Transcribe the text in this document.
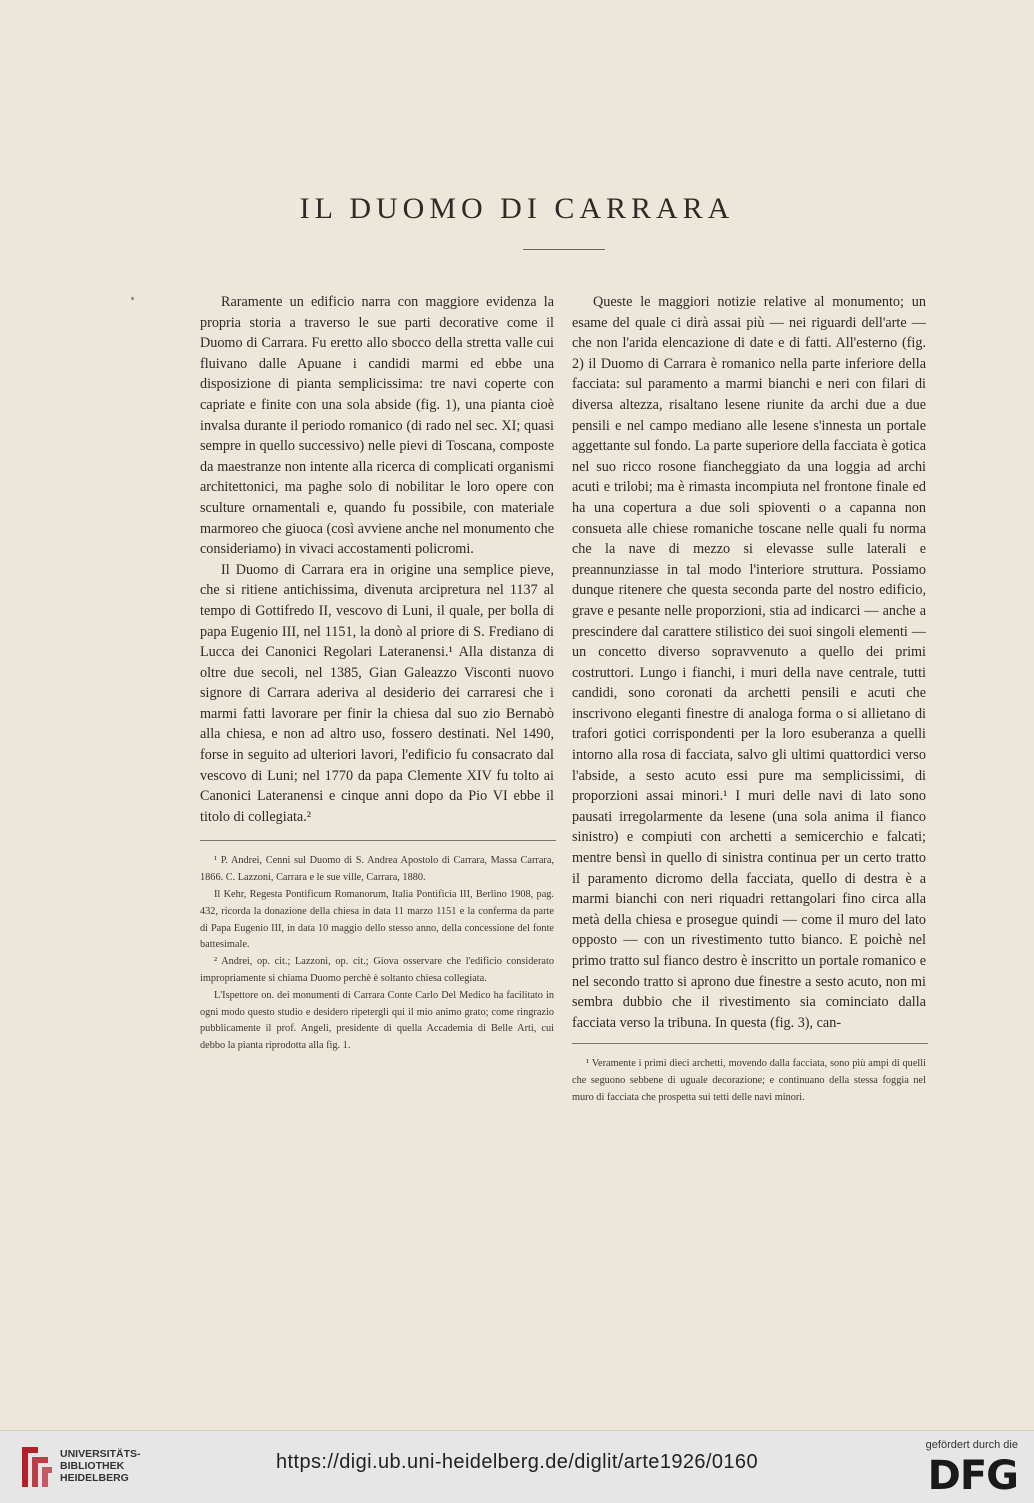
IL DUOMO DI CARRARA

Raramente un edificio narra con maggiore evidenza la propria storia a traverso le sue parti decorative come il Duomo di Carrara. Fu eretto allo sbocco della stretta valle cui fluivano dalle Apuane i candidi marmi ed ebbe una disposizione di pianta semplicissima: tre navi coperte con capriate e finite con una sola abside (fig. 1), una pianta cioè invalsa durante il periodo romanico (di rado nel sec. XI; quasi sempre in quello successivo) nelle pievi di Toscana, composte da maestranze non intente alla ricerca di complicati organismi architettonici, ma paghe solo di nobilitar le loro opere con sculture ornamentali e, quando fu possibile, con materiale marmoreo che giuoca (così avviene anche nel monumento che consideriamo) in vivaci accostamenti policromi.

Il Duomo di Carrara era in origine una semplice pieve, che si ritiene antichissima, divenuta arcipretura nel 1137 al tempo di Gottifredo II, vescovo di Luni, il quale, per bolla di papa Eugenio III, nel 1151, la donò al priore di S. Frediano di Lucca dei Canonici Regolari Lateranensi.¹ Alla distanza di oltre due secoli, nel 1385, Gian Galeazzo Visconti nuovo signore di Carrara aderiva al desiderio dei carraresi che i marmi fatti lavorare per finir la chiesa dal suo zio Bernabò alla chiesa, e non ad altro uso, fossero destinati. Nel 1490, forse in seguito ad ulteriori lavori, l'edificio fu consacrato dal vescovo di Luni; nel 1770 da papa Clemente XIV fu tolto ai Canonici Lateranensi e cinque anni dopo da Pio VI ebbe il titolo di collegiata.²

¹ P. Andrei, Cenni sul Duomo di S. Andrea Apostolo di Carrara, Massa Carrara, 1866. C. Lazzoni, Carrara e le sue ville, Carrara, 1880.

Il Kehr, Regesta Pontificum Romanorum, Italia Pontificia III, Berlino 1908, pag. 432, ricorda la donazione della chiesa in data 11 marzo 1151 e la conferma da parte di Papa Eugenio III, in data 10 maggio dello stesso anno, della concessione del fonte battesimale.

² Andrei, op. cit.; Lazzoni, op. cit.; Giova osservare che l'edificio considerato impropriamente si chiama Duomo perchè è soltanto chiesa collegiata.

L'Ispettore on. dei monumenti di Carrara Conte Carlo Del Medico ha facilitato in ogni modo questo studio e desidero ripetergli qui il mio animo grato; come ringrazio pubblicamente il prof. Angeli, presidente di quella Accademia di Belle Arti, cui debbo la pianta riprodotta alla fig. 1.

Queste le maggiori notizie relative al monumento; un esame del quale ci dirà assai più — nei riguardi dell'arte — che non l'arida elencazione di date e di fatti. All'esterno (fig. 2) il Duomo di Carrara è romanico nella parte inferiore della facciata: sul paramento a marmi bianchi e neri con filari di diversa altezza, risaltano lesene riunite da archi due a due pensili e nel campo mediano alle lesene s'innesta un portale aggettante sul fondo. La parte superiore della facciata è gotica nel suo ricco rosone fiancheggiato da una loggia ad archi acuti e trilobi; ma è rimasta incompiuta nel frontone finale ed ha una copertura a due soli spioventi o a capanna non consueta alle chiese romaniche toscane nelle quali fu norma che la nave di mezzo si elevasse sulle laterali e preannunziasse in tal modo l'interiore struttura. Possiamo dunque ritenere che questa seconda parte del nostro edificio, grave e pesante nelle proporzioni, stia ad indicarci — anche a prescindere dal carattere stilistico dei suoi singoli elementi — un concetto diverso sopravvenuto a quello dei primi costruttori. Lungo i fianchi, i muri della nave centrale, tutti candidi, sono coronati da archetti pensili e acuti che inscrivono eleganti finestre di analoga forma o si allietano di trafori gotici corrispondenti per la loro esuberanza a quelli intorno alla rosa di facciata, salvo gli ultimi quattordici verso l'abside, a sesto acuto essi pure ma semplicissimi, di proporzioni assai minori.¹ I muri delle navi di lato sono pausati irregolarmente da lesene (una sola anima il fianco sinistro) e compiuti con archetti a semicerchio e falcati; mentre bensì in quello di sinistra continua per un certo tratto il paramento dicromo della facciata, quello di destra è a marmi bianchi con neri riquadri rettangolari fino circa alla metà della chiesa e prosegue quindi — come il muro del lato opposto — con un rivestimento tutto bianco. E poichè nel primo tratto sul fianco destro è inscritto un portale romanico e nel secondo tratto si aprono due finestre a sesto acuto, non mi sembra dubbio che il rivestimento sia cominciato dalla facciata verso la tribuna. In questa (fig. 3), can-

¹ Veramente i primi dieci archetti, movendo dalla facciata, sono più ampi di quelli che seguono sebbene di uguale decorazione; e continuano della stessa foggia nel muro di facciata che prospetta sui tetti delle navi minori.

UNIVERSITÄTS-
BIBLIOTHEK
HEIDELBERG
https://digi.ub.uni-heidelberg.de/diglit/arte1926/0160
gefördert durch die
DFG
